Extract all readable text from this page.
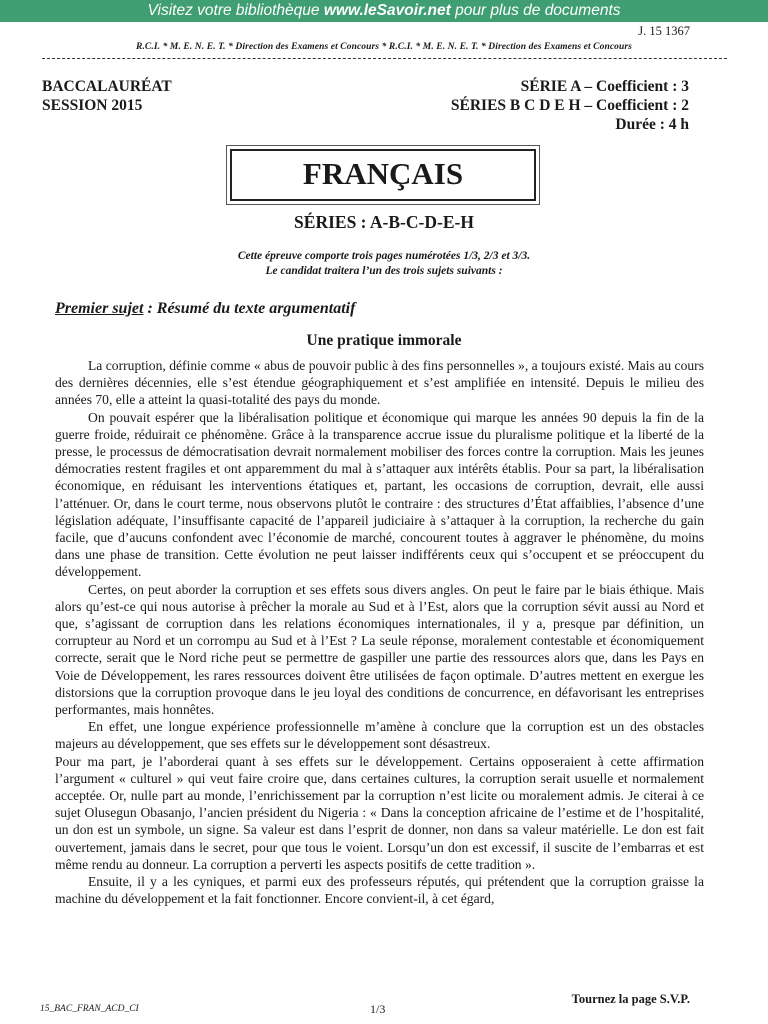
Visitez votre bibliothèque www.leSavoir.net pour plus de documents
J. 15 1367
R.C.I. * M. E. N. E. T. * Direction des Examens et Concours * R.C.I. * M. E. N. E. T. * Direction des Examens et Concours
BACCALAURÉAT
SESSION 2015
SÉRIE A – Coefficient : 3
SÉRIES B C D E H – Coefficient : 2
Durée : 4 h
FRANÇAIS
SÉRIES : A-B-C-D-E-H
Cette épreuve comporte trois pages numérotées 1/3, 2/3 et 3/3.
Le candidat traitera l’un des trois sujets suivants :
Premier sujet : Résumé du texte argumentatif
Une pratique immorale

La corruption, définie comme « abus de pouvoir public à des fins personnelles », a toujours existé. Mais au cours des dernières décennies, elle s’est étendue géographiquement et s’est amplifiée en intensité. Depuis le milieu des années 70, elle a atteint la quasi-totalité des pays du monde.

On pouvait espérer que la libéralisation politique et économique qui marque les années 90 depuis la fin de la guerre froide, réduirait ce phénomène. Grâce à la transparence accrue issue du pluralisme politique et la liberté de la presse, le processus de démocratisation devrait normalement mobiliser des forces contre la corruption. Mais les jeunes démocraties restent fragiles et ont apparemment du mal à s’attaquer aux intérêts établis. Pour sa part, la libéralisation économique, en réduisant les interventions étatiques et, partant, les occasions de corruption, devrait, elle aussi l’atténuer. Or, dans le court terme, nous observons plutôt le contraire : des structures d’État affaiblies, l’absence d’une législation adéquate, l’insuffisante capacité de l’appareil judiciaire à s’attaquer à la corruption, la recherche du gain facile, que d’aucuns confondent avec l’économie de marché, concourent toutes à aggraver le phénomène, du moins dans une phase de transition. Cette évolution ne peut laisser indifférents ceux qui s’occupent et se préoccupent du développement.

Certes, on peut aborder la corruption et ses effets sous divers angles. On peut le faire par le biais éthique. Mais alors qu’est-ce qui nous autorise à prêcher la morale au Sud et à l’Est, alors que la corruption sévit aussi au Nord et que, s’agissant de corruption dans les relations économiques internationales, il y a, presque par définition, un corrupteur au Nord et un corrompu au Sud et à l’Est ? La seule réponse, moralement contestable et économiquement correcte, serait que le Nord riche peut se permettre de gaspiller une partie des ressources alors que, dans les Pays en Voie de Développement, les rares ressources doivent être utilisées de façon optimale. D’autres mettent en exergue les distorsions que la corruption provoque dans le jeu loyal des conditions de concurrence, en défavorisant les entreprises performantes, mais honnêtes.

En effet, une longue expérience professionnelle m’amène à conclure que la corruption est un des obstacles majeurs au développement, que ses effets sur le développement sont désastreux.

Pour ma part, je l’aborderai quant à ses effets sur le développement. Certains opposeraient à cette affirmation l’argument « culturel » qui veut faire croire que, dans certaines cultures, la corruption serait usuelle et normalement acceptée. Or, nulle part au monde, l’enrichissement par la corruption n’est licite ou moralement admis. Je citerai à ce sujet Olusegun Obasanjo, l’ancien président du Nigeria : « Dans la conception africaine de l’estime et de l’hospitalité, un don est un symbole, un signe. Sa valeur est dans l’esprit de donner, non dans sa valeur matérielle. Le don est fait ouvertement, jamais dans le secret, pour que tous le voient. Lorsqu’un don est excessif, il suscite de l’embarras et est même rendu au donneur. La corruption a perverti les aspects positifs de cette tradition ».

Ensuite, il y a les cyniques, et parmi eux des professeurs réputés, qui prétendent que la corruption graisse la machine du développement et la fait fonctionner. Encore convient-il, à cet égard,

15_BAC_FRAN_ACD_CI	1/3
Tournez la page S.V.P.
